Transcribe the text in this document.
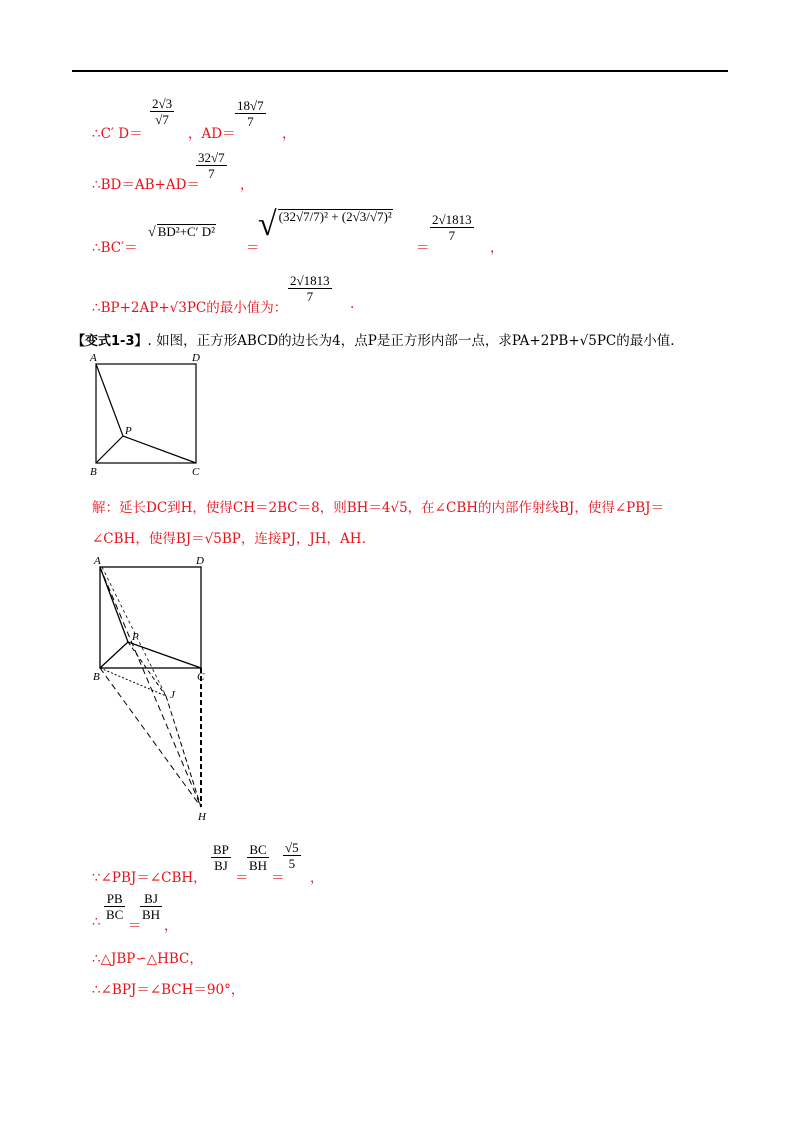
∴C′ D＝
$\frac{2√3}{√7}$
，AD＝
$\frac{18√7}{7}$
，
∴BD＝AB+AD＝
$\frac{32√7}{7}$
，
∴BC′＝
√ BD²+C′ D²
＝
√ (32√7/7)² + (2√3/√7)²
＝
$\frac{2√1813}{7}$
，
∴BP+2AP+√3PC的最小值为：
$\frac{2√1813}{7}$ .
【变式1-3】. 如图，正方形ABCD的边长为4，点P是正方形内部一点，求PA+2PB+√5PC的最小值.
A	D
P
B	C
解：延长DC到H，使得CH＝2BC＝8，则BH＝4√5，在∠CBH的内部作射线BJ，使得∠PBJ＝
∠CBH，使得BJ＝√5BP，连接PJ，JH，AH.
A	D
P
B	C
J
H
∵∠PBJ＝∠CBH，
$\frac{BP}{BJ}$
＝
$\frac{BC}{BH}$
＝
$\frac{√5}{5}$
，
∴ $\frac{PB}{BC}$
＝
$\frac{BJ}{BH}$
，
∴△JBP∽△HBC，
∴∠BPJ＝∠BCH＝90°，
